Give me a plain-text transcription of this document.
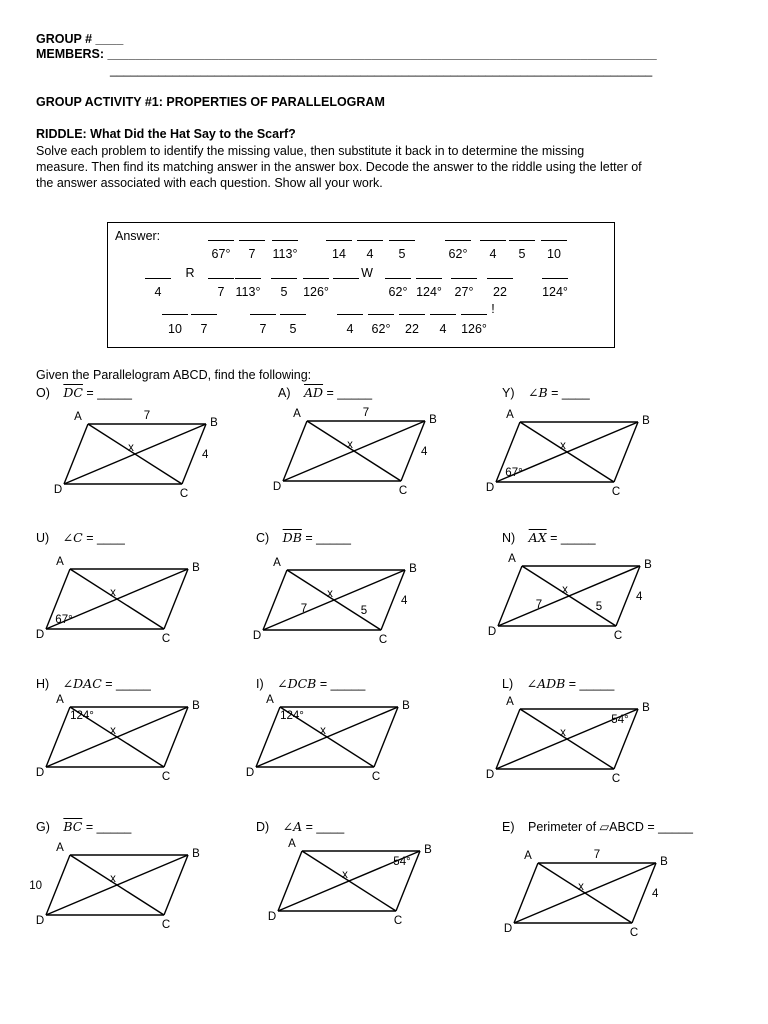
GROUP # ____
MEMBERS: _______________________________________________________________________________
______________________________________________________________________________
GROUP ACTIVITY #1: PROPERTIES OF PARALLELOGRAM
RIDDLE: What Did the Hat Say to the Scarf?
Solve each problem to identify the missing value, then substitute it back in to determine the missing
measure. Then find its matching answer in the answer box. Decode the answer to the riddle using the letter of
the answer associated with each question. Show all your work.
Answer:
67° 7 113°	14 4 5	62° 4 5 10
R	W
4	7 113° 5 126°	62° 124° 27° 22	124°
!
10 7	7 5	4 62° 22 4 126°
Given the Parallelogram ABCD, find the following:
O) $\overline{DC}$ = _____	A) $\overline{AD}$ = _____	Y) ∠B = ____
U) ∠C = ____	C) $\overline{DB}$ = _____	N) $\overline{AX}$ = _____
H) ∠DAC = _____	I) ∠DCB = _____	L) ∠ADB = _____
G) $\overline{BC}$ = _____	D) ∠A = ____	E) Perimeter of ▱ABCD = _____
A	B
C
D
x
7
4
A	B
C
D
x
7
4
A	B
C
D
x
67°
A	B
C
D
x
67°
A	B
C
D
x
4
7	5
A	B
C
D
x
4
7	5
A	B
C
D
x
124°
A	B
C
D
x
124°
A	B
C
D
x
54°
A	B
C
D
x
10
A	B
C
D
x
54°	A	B
C
D
x
7
4
